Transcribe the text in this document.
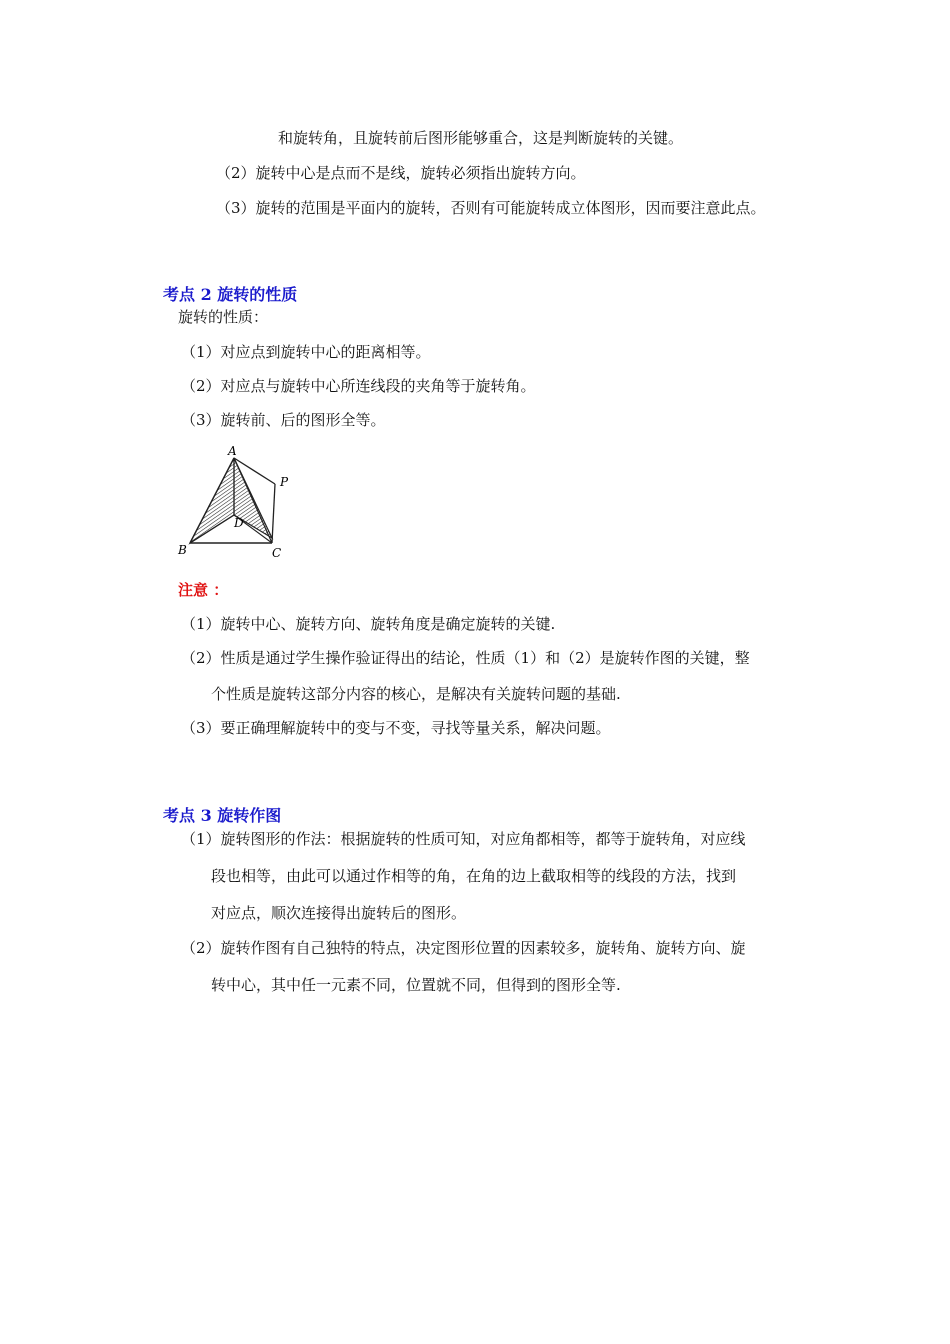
和旋转角，且旋转前后图形能够重合，这是判断旋转的关键。
（2）旋转中心是点而不是线，旋转必须指出旋转方向。
（3）旋转的范围是平面内的旋转，否则有可能旋转成立体图形，因而要注意此点。
考点 2 旋转的性质
旋转的性质：
（1）对应点到旋转中心的距离相等。
（2）对应点与旋转中心所连线段的夹角等于旋转角。
（3）旋转前、后的图形全等。
A
P
D
B	C
注意 ：
（1）旋转中心、旋转方向、旋转角度是确定旋转的关键.
（2）性质是通过学生操作验证得出的结论，性质（1）和（2）是旋转作图的关键，整
个性质是旋转这部分内容的核心，是解决有关旋转问题的基础.
（3）要正确理解旋转中的变与不变，寻找等量关系，解决问题。
考点 3 旋转作图
（1）旋转图形的作法：根据旋转的性质可知，对应角都相等，都等于旋转角，对应线
段也相等，由此可以通过作相等的角，在角的边上截取相等的线段的方法，找到
对应点，顺次连接得出旋转后的图形。
（2）旋转作图有自己独特的特点，决定图形位置的因素较多，旋转角、旋转方向、旋
转中心，其中任一元素不同，位置就不同，但得到的图形全等.
